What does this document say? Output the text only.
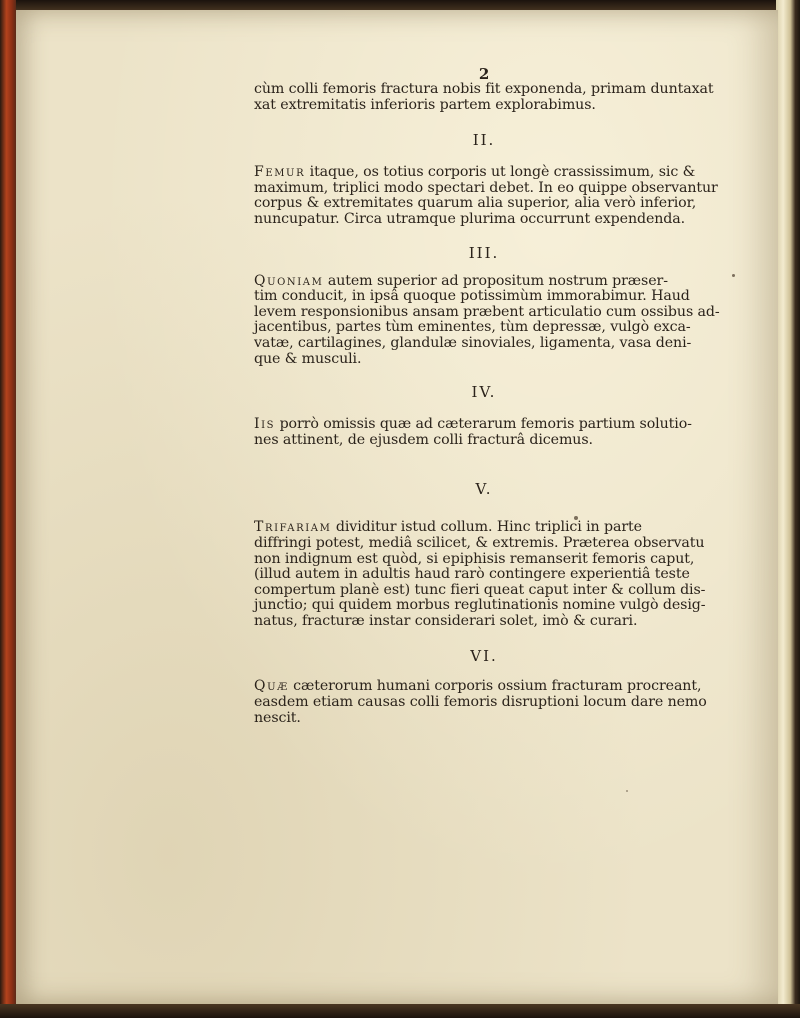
2

cùm colli femoris fractura nobis fit exponenda, primam duntaxat
xat extremitatis inferioris partem explorabimus.

II.

Femur itaque, os totius corporis ut longè crassissimum, sic &
maximum, triplici modo spectari debet. In eo quippe observantur
corpus & extremitates quarum alia superior, alia verò inferior,
nuncupatur. Circa utramque plurima occurrunt expendenda.

III.

Quoniam autem superior ad propositum nostrum præser-
tim conducit, in ipsâ quoque potissimùm immorabimur. Haud
levem responsionibus ansam præbent articulatio cum ossibus ad-
jacentibus, partes tùm eminentes, tùm depressæ, vulgò exca-
vatæ, cartilagines, glandulæ sinoviales, ligamenta, vasa deni-
que & musculi.

IV.

Iis porrò omissis quæ ad cæterarum femoris partium solutio-
nes attinent, de ejusdem colli fracturâ dicemus.

V.

Trifariam dividitur istud collum. Hinc triplici in parte
diffringi potest, mediâ scilicet, & extremis. Præterea observatu
non indignum est quòd, si epiphisis remanserit femoris caput,
(illud autem in adultis haud rarò contingere experientiâ teste
compertum planè est) tunc fieri queat caput inter & collum dis-
junctio; qui quidem morbus reglutinationis nomine vulgò desig-
natus, fracturæ instar considerari solet, imò & curari.

VI.

Quæ cæterorum humani corporis ossium fracturam procreant,
easdem etiam causas colli femoris disruptioni locum dare nemo
nescit.
